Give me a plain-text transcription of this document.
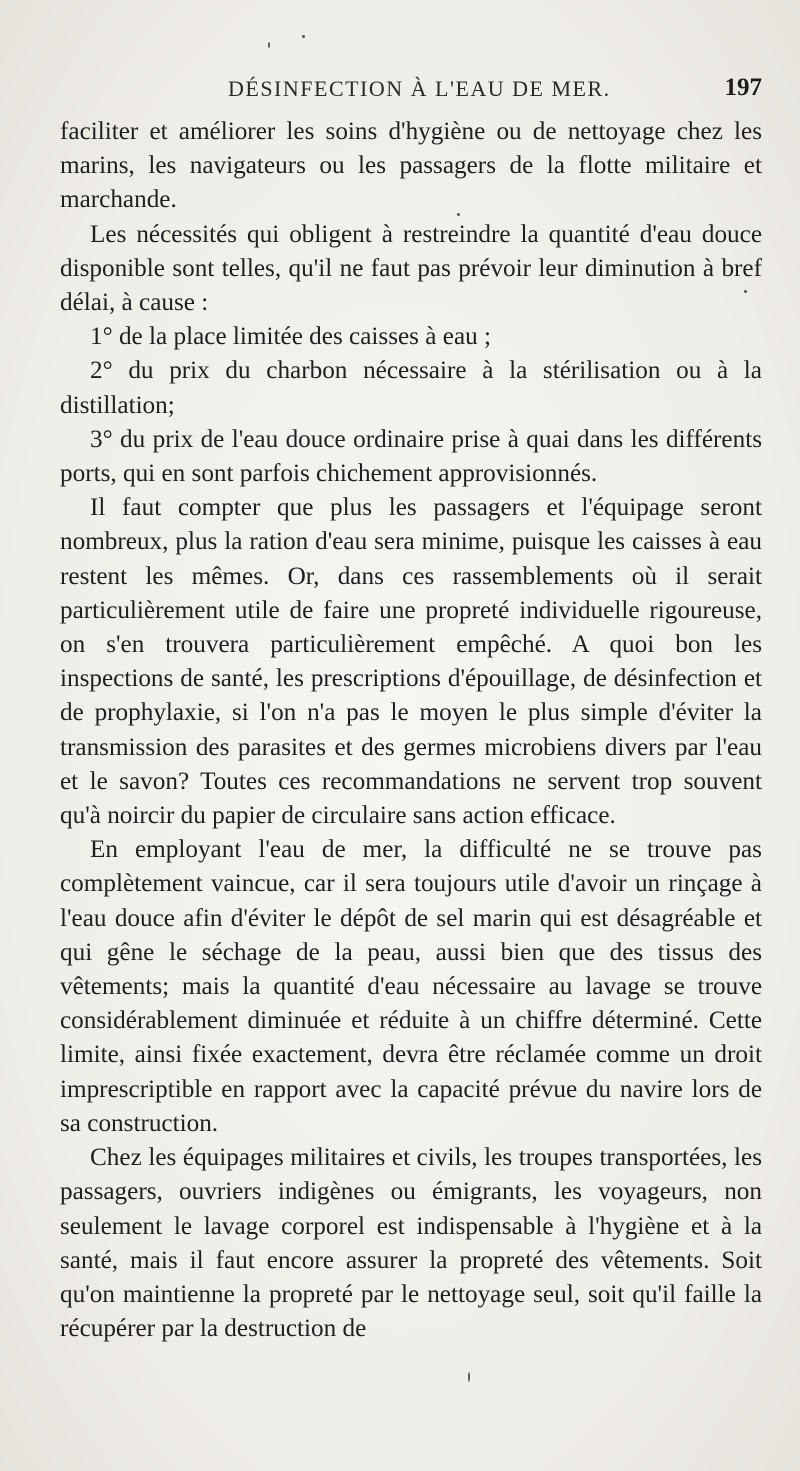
DÉSINFECTION À L'EAU DE MER.	197

faciliter et améliorer les soins d'hygiène ou de nettoyage chez les marins, les navigateurs ou les passagers de la flotte militaire et marchande.

Les nécessités qui obligent à restreindre la quantité d'eau douce disponible sont telles, qu'il ne faut pas prévoir leur diminution à bref délai, à cause :

1° de la place limitée des caisses à eau ;

2° du prix du charbon nécessaire à la stérilisation ou à la distillation;

3° du prix de l'eau douce ordinaire prise à quai dans les différents ports, qui en sont parfois chichement approvisionnés.

Il faut compter que plus les passagers et l'équipage seront nombreux, plus la ration d'eau sera minime, puisque les caisses à eau restent les mêmes. Or, dans ces rassemblements où il serait particulièrement utile de faire une propreté individuelle rigoureuse, on s'en trouvera particulièrement empêché. A quoi bon les inspections de santé, les prescriptions d'épouillage, de désinfection et de prophylaxie, si l'on n'a pas le moyen le plus simple d'éviter la transmission des parasites et des germes microbiens divers par l'eau et le savon? Toutes ces recommandations ne servent trop souvent qu'à noircir du papier de circulaire sans action efficace.

En employant l'eau de mer, la difficulté ne se trouve pas complètement vaincue, car il sera toujours utile d'avoir un rinçage à l'eau douce afin d'éviter le dépôt de sel marin qui est désagréable et qui gêne le séchage de la peau, aussi bien que des tissus des vêtements; mais la quantité d'eau nécessaire au lavage se trouve considérablement diminuée et réduite à un chiffre déterminé. Cette limite, ainsi fixée exactement, devra être réclamée comme un droit imprescriptible en rapport avec la capacité prévue du navire lors de sa construction.

Chez les équipages militaires et civils, les troupes transportées, les passagers, ouvriers indigènes ou émigrants, les voyageurs, non seulement le lavage corporel est indispensable à l'hygiène et à la santé, mais il faut encore assurer la propreté des vêtements. Soit qu'on maintienne la propreté par le nettoyage seul, soit qu'il faille la récupérer par la destruction de
